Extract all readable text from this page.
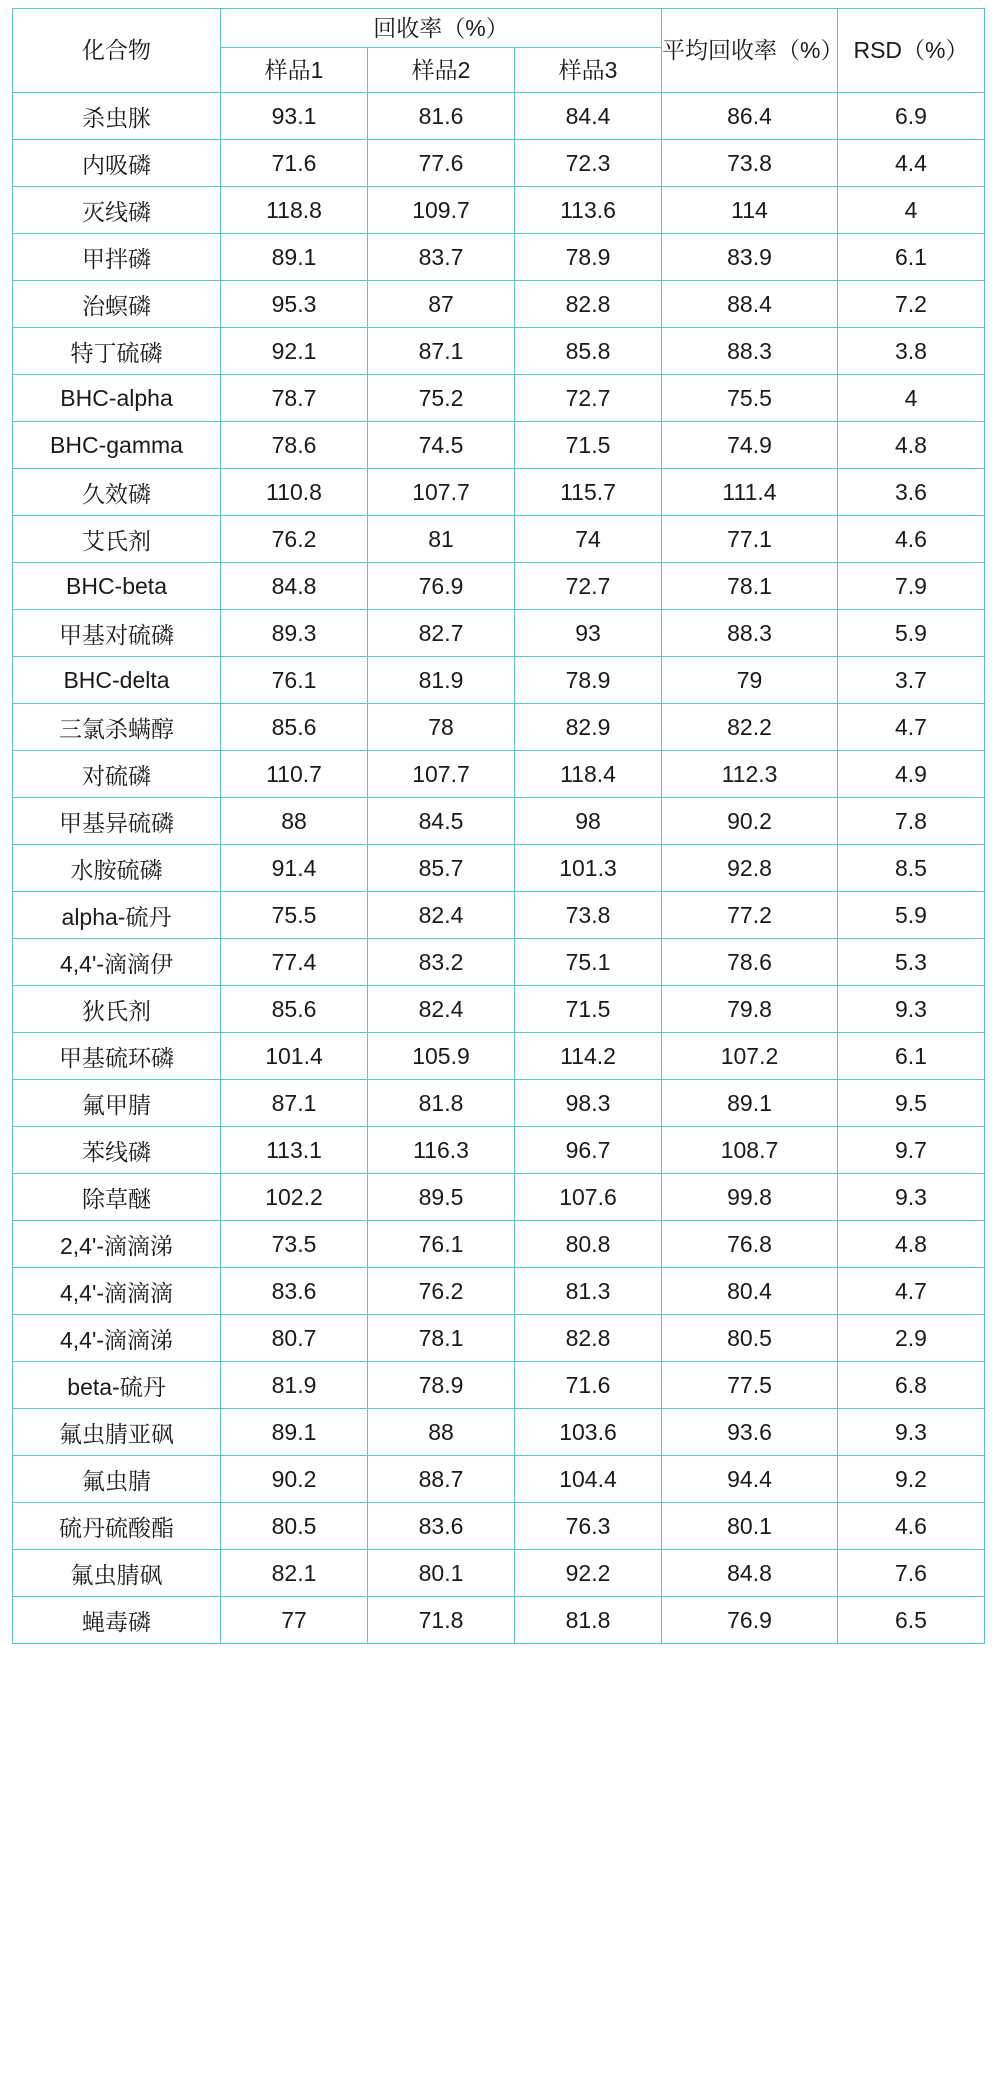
化合物	回收率（%）			平均回收率（%）	RSD（%）
	样品1	样品2	样品3		
杀虫脒	93.1	81.6	84.4	86.4	6.9
内吸磷	71.6	77.6	72.3	73.8	4.4
灭线磷	118.8	109.7	113.6	114	4
甲拌磷	89.1	83.7	78.9	83.9	6.1
治螟磷	95.3	87	82.8	88.4	7.2
特丁硫磷	92.1	87.1	85.8	88.3	3.8
BHC-alpha	78.7	75.2	72.7	75.5	4
BHC-gamma	78.6	74.5	71.5	74.9	4.8
久效磷	110.8	107.7	115.7	111.4	3.6
艾氏剂	76.2	81	74	77.1	4.6
BHC-beta	84.8	76.9	72.7	78.1	7.9
甲基对硫磷	89.3	82.7	93	88.3	5.9
BHC-delta	76.1	81.9	78.9	79	3.7
三氯杀螨醇	85.6	78	82.9	82.2	4.7
对硫磷	110.7	107.7	118.4	112.3	4.9
甲基异硫磷	88	84.5	98	90.2	7.8
水胺硫磷	91.4	85.7	101.3	92.8	8.5
alpha-硫丹	75.5	82.4	73.8	77.2	5.9
4,4'-滴滴伊	77.4	83.2	75.1	78.6	5.3
狄氏剂	85.6	82.4	71.5	79.8	9.3
甲基硫环磷	101.4	105.9	114.2	107.2	6.1
氟甲腈	87.1	81.8	98.3	89.1	9.5
苯线磷	113.1	116.3	96.7	108.7	9.7
除草醚	102.2	89.5	107.6	99.8	9.3
2,4'-滴滴涕	73.5	76.1	80.8	76.8	4.8
4,4'-滴滴滴	83.6	76.2	81.3	80.4	4.7
4,4'-滴滴涕	80.7	78.1	82.8	80.5	2.9
beta-硫丹	81.9	78.9	71.6	77.5	6.8
氟虫腈亚砜	89.1	88	103.6	93.6	9.3
氟虫腈	90.2	88.7	104.4	94.4	9.2
硫丹硫酸酯	80.5	83.6	76.3	80.1	4.6
氟虫腈砜	82.1	80.1	92.2	84.8	7.6
蝇毒磷	77	71.8	81.8	76.9	6.5
